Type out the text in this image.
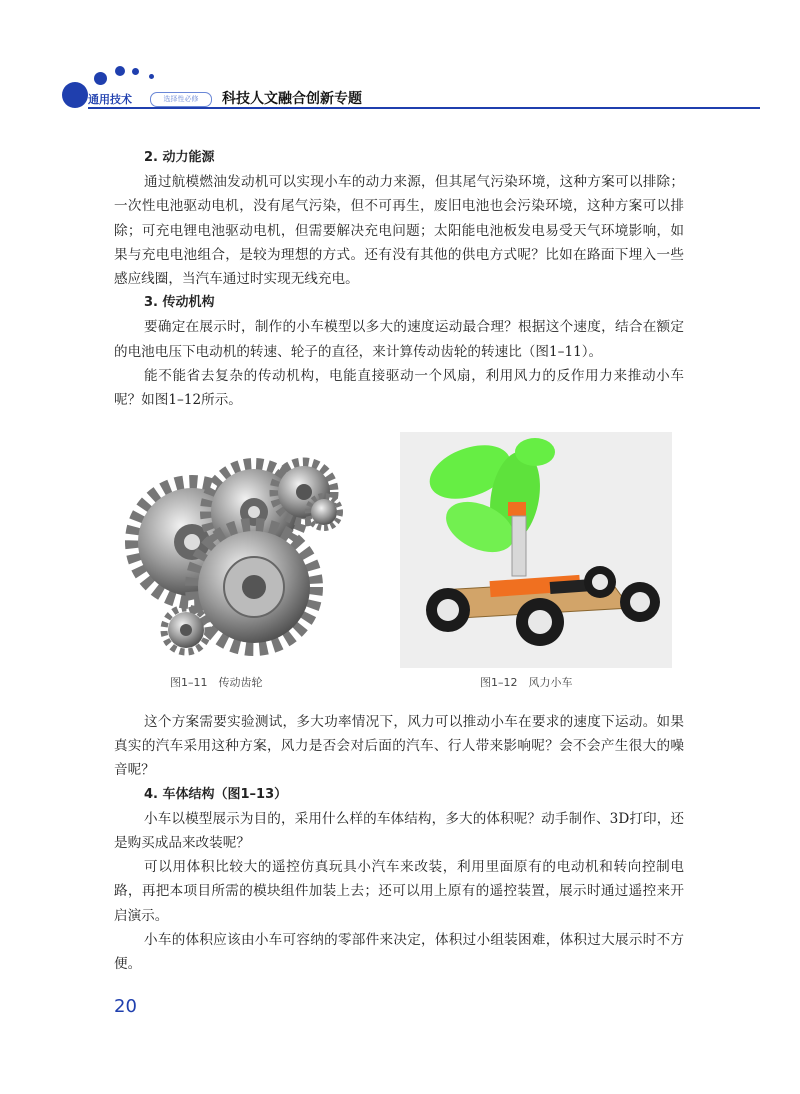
通用技术	选择性必修	科技人文融合创新专题
2. 动力能源
通过航模燃油发动机可以实现小车的动力来源，但其尾气污染环境，这种方案可以排除；一次性电池驱动电机，没有尾气污染，但不可再生，废旧电池也会污染环境，这种方案可以排除；可充电锂电池驱动电机，但需要解决充电问题；太阳能电池板发电易受天气环境影响，如果与充电电池组合，是较为理想的方式。还有没有其他的供电方式呢？比如在路面下埋入一些感应线圈，当汽车通过时实现无线充电。
3. 传动机构
要确定在展示时，制作的小车模型以多大的速度运动最合理？根据这个速度，结合在额定的电池电压下电动机的转速、轮子的直径，来计算传动齿轮的转速比（图1–11）。
能不能省去复杂的传动机构，电能直接驱动一个风扇，利用风力的反作用力来推动小车呢？如图1–12所示。
图1–11　传动齿轮	图1–12　风力小车
这个方案需要实验测试，多大功率情况下，风力可以推动小车在要求的速度下运动。如果真实的汽车采用这种方案，风力是否会对后面的汽车、行人带来影响呢？会不会产生很大的噪音呢？
4. 车体结构（图1–13）
小车以模型展示为目的，采用什么样的车体结构，多大的体积呢？动手制作、3D打印，还是购买成品来改装呢？
可以用体积比较大的遥控仿真玩具小汽车来改装，利用里面原有的电动机和转向控制电路，再把本项目所需的模块组件加装上去；还可以用上原有的遥控装置，展示时通过遥控来开启演示。
小车的体积应该由小车可容纳的零部件来决定，体积过小组装困难，体积过大展示时不方便。
20
